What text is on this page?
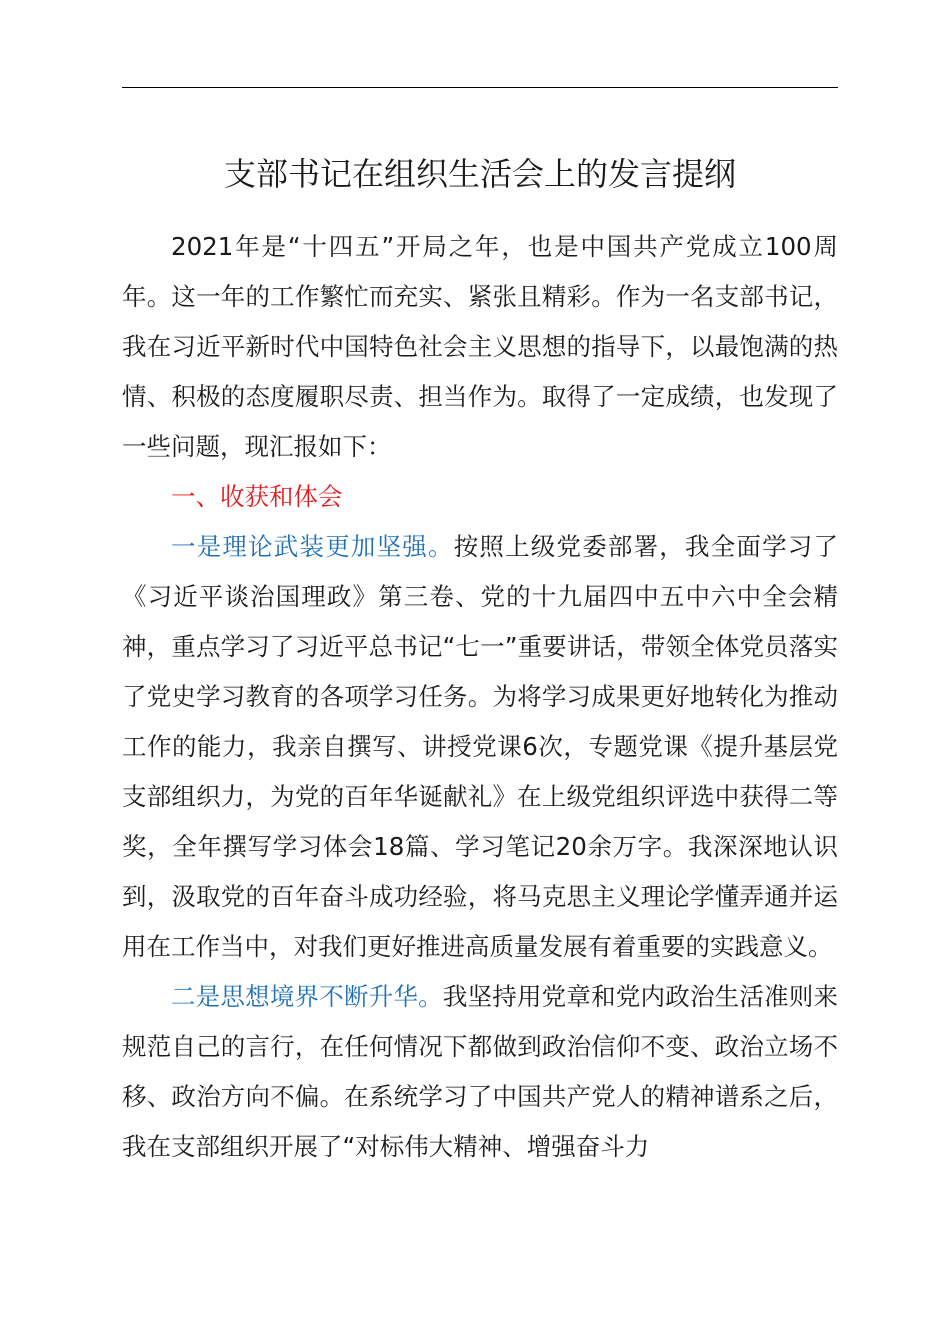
支部书记在组织生活会上的发言提纲

2021年是“十四五”开局之年，也是中国共产党成立100周年。这一年的工作繁忙而充实、紧张且精彩。作为一名支部书记，我在习近平新时代中国特色社会主义思想的指导下，以最饱满的热情、积极的态度履职尽责、担当作为。取得了一定成绩，也发现了一些问题，现汇报如下：

一、收获和体会

一是理论武装更加坚强。按照上级党委部署，我全面学习了《习近平谈治国理政》第三卷、党的十九届四中五中六中全会精神，重点学习了习近平总书记“七一”重要讲话，带领全体党员落实了党史学习教育的各项学习任务。为将学习成果更好地转化为推动工作的能力，我亲自撰写、讲授党课6次，专题党课《提升基层党支部组织力，为党的百年华诞献礼》在上级党组织评选中获得二等奖，全年撰写学习体会18篇、学习笔记20余万字。我深深地认识到，汲取党的百年奋斗成功经验，将马克思主义理论学懂弄通并运用在工作当中，对我们更好推进高质量发展有着重要的实践意义。

二是思想境界不断升华。我坚持用党章和党内政治生活准则来规范自己的言行，在任何情况下都做到政治信仰不变、政治立场不移、政治方向不偏。在系统学习了中国共产党人的精神谱系之后，我在支部组织开展了“对标伟大精神、增强奋斗力
